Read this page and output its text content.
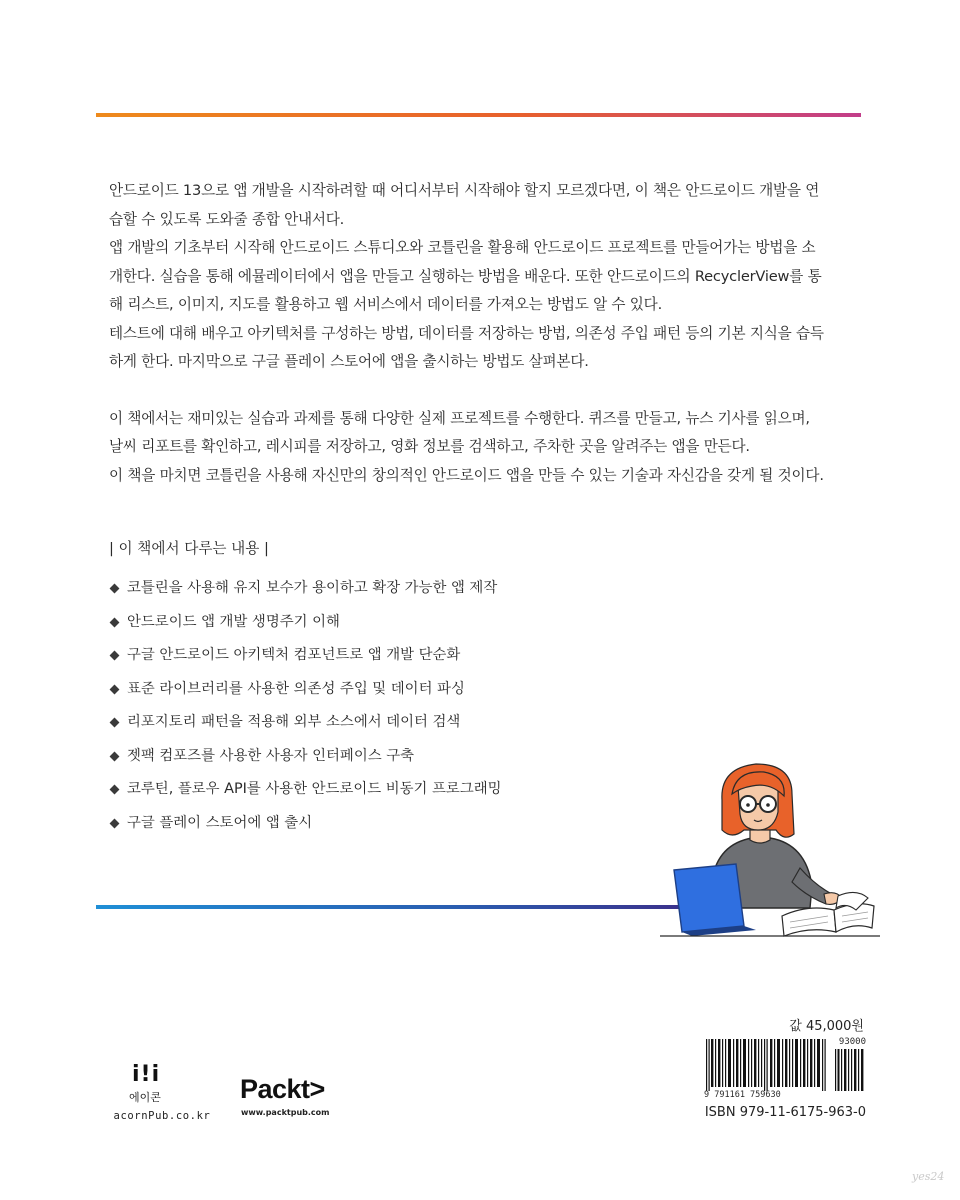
안드로이드 13으로 앱 개발을 시작하려할 때 어디서부터 시작해야 할지 모르겠다면, 이 책은 안드로이드 개발을 연
습할 수 있도록 도와줄 종합 안내서다.
앱 개발의 기초부터 시작해 안드로이드 스튜디오와 코틀린을 활용해 안드로이드 프로젝트를 만들어가는 방법을 소
개한다. 실습을 통해 에뮬레이터에서 앱을 만들고 실행하는 방법을 배운다. 또한 안드로이드의 RecyclerView를 통
해 리스트, 이미지, 지도를 활용하고 웹 서비스에서 데이터를 가져오는 방법도 알 수 있다.
테스트에 대해 배우고 아키텍처를 구성하는 방법, 데이터를 저장하는 방법, 의존성 주입 패턴 등의 기본 지식을 습득
하게 한다. 마지막으로 구글 플레이 스토어에 앱을 출시하는 방법도 살펴본다.

이 책에서는 재미있는 실습과 과제를 통해 다양한 실제 프로젝트를 수행한다. 퀴즈를 만들고, 뉴스 기사를 읽으며,
날씨 리포트를 확인하고, 레시피를 저장하고, 영화 정보를 검색하고, 주차한 곳을 알려주는 앱을 만든다.
이 책을 마치면 코틀린을 사용해 자신만의 창의적인 안드로이드 앱을 만들 수 있는 기술과 자신감을 갖게 될 것이다.

| 이 책에서 다루는 내용 |
코틀린을 사용해 유지 보수가 용이하고 확장 가능한 앱 제작
안드로이드 앱 개발 생명주기 이해
구글 안드로이드 아키텍처 컴포넌트로 앱 개발 단순화
표준 라이브러리를 사용한 의존성 주입 및 데이터 파싱
리포지토리 패턴을 적용해 외부 소스에서 데이터 검색
젯팩 컴포즈를 사용한 사용자 인터페이스 구축
코루틴, 플로우 API를 사용한 안드로이드 비동기 프로그래밍
구글 플레이 스토어에 앱 출시
값 45,000원
93000
9 791161 759630
ISBN 979-11-6175-963-0
i!i
에이콘
acornPub.co.kr
Packt>
www.packtpub.com
yes24
